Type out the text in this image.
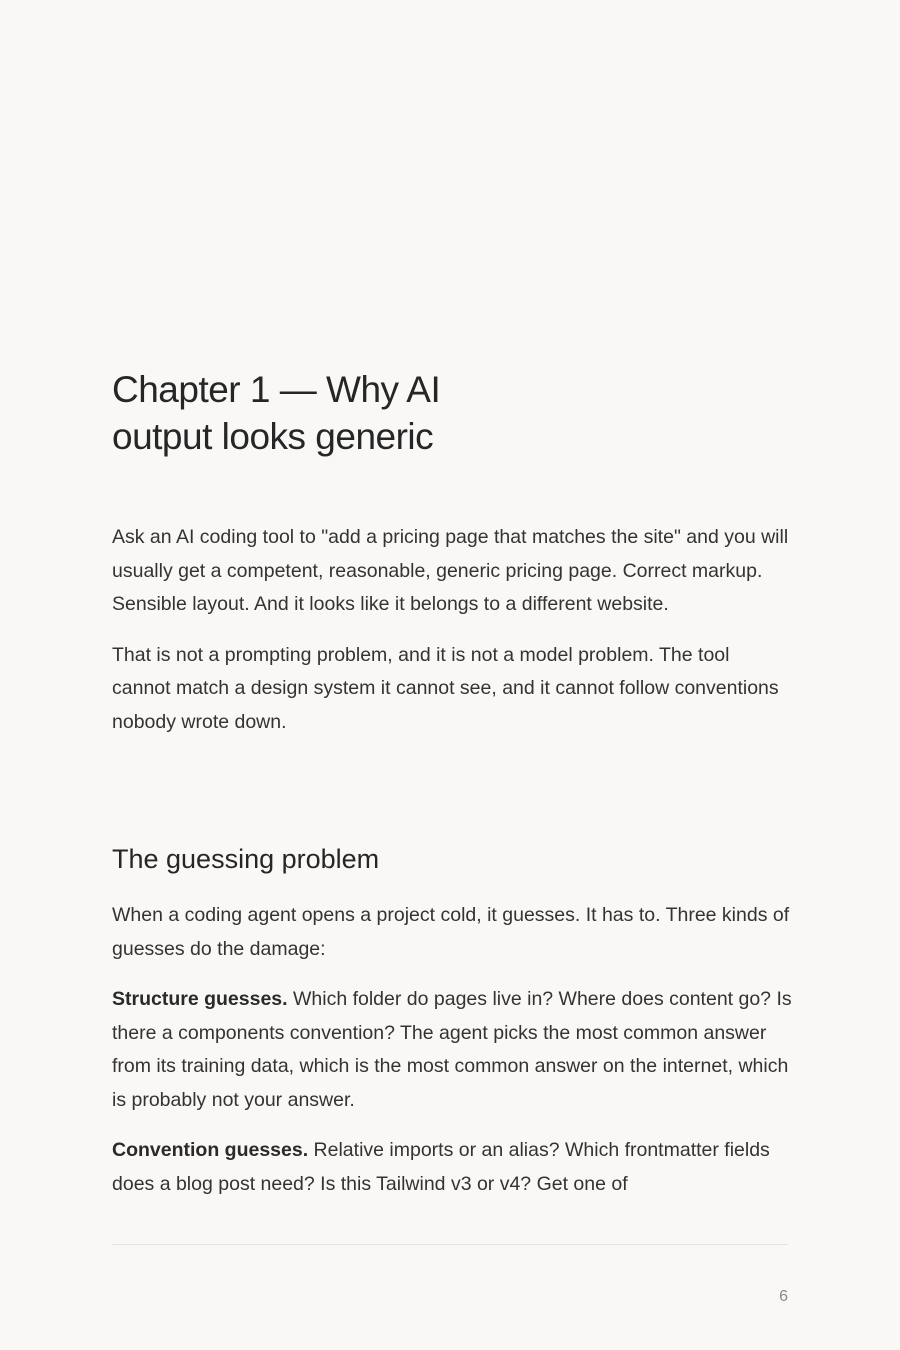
Chapter 1 — Why AI
output looks generic

Ask an AI coding tool to "add a pricing page that matches the site" and you will usually get a competent, reasonable, generic pricing page. Correct markup. Sensible layout. And it looks like it belongs to a different website.

That is not a prompting problem, and it is not a model problem. The tool cannot match a design system it cannot see, and it cannot follow conventions nobody wrote down.

The guessing problem

When a coding agent opens a project cold, it guesses. It has to. Three kinds of guesses do the damage:

Structure guesses. Which folder do pages live in? Where does content go? Is there a components convention? The agent picks the most common answer from its training data, which is the most common answer on the internet, which is probably not your answer.

Convention guesses. Relative imports or an alias? Which frontmatter fields does a blog post need? Is this Tailwind v3 or v4? Get one of

6
